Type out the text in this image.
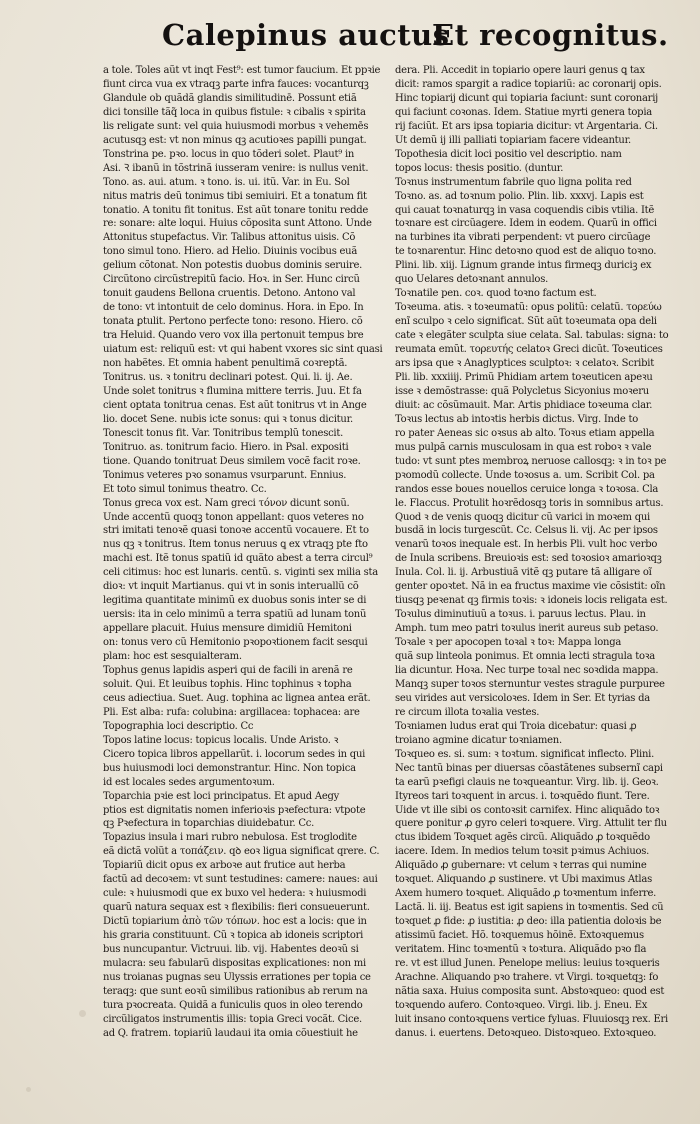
Calepinus auctus
Et recognitus.
a tole. Toles aũt vt inqt Fest⁹: est tumor faucium. Et ppꝛie
fiunt circa vua ex vtraqꝫ parte infra fauces: vocanturqꝫ
Glandule ob quãdã glandis similitudinē. Possunt etiã
dici tonsille tãq̃ loca in quibus fistule: ꝛ cibalis ꝛ spirita
lis religate sunt: vel quia huiusmodi morbus ꝛ vehemēs
acutusqꝫ est: vt non minus qꝫ acutioꝛes papilli pungat.
Tonstrina pe. pꝛo. locus in quo tõderi solet. Plaut⁹ in
Asi. Ꝛ ibanũ in tõstrinã iusseram venire: is nullus venit.
Tono. as. aui. atum. ꝛ tono. is. ui. itũ. Var. in Eu. Sol
nitus matris deũ tonimus tibi semiuiri. Et a tonatum fit
tonatio. A tonitu fit tonitus. Est aũt tonare tonitu redde
re: sonare: alte loqui. Huius cõposita sunt Attono. Unde
Attonitus stupefactus. Vir. Talibus attonitus uisis. Cõ
tono simul tono. Hiero. ad Helio. Diuinis vocibus euã
gelium cõtonat. Non potestis duobus dominis seruire.
Circũtono circũstrepitũ facio. Hoꝛ. in Ser. Hunc circũ
tonuit gaudens Bellona cruentis. Detono. Antono val
de tono: vt intontuit de celo dominus. Hora. in Epo. In
tonata ꝑtulit. Pertono perfecte tono: resono. Hiero. cõ
tra Heluid. Quando vero vox illa pertonuit tempus bre
uiatum est: reliquũ est: vt qui habent vxores sic sint quasi
non habẽtes. Et omnia habent penultimã coꝛreptã.
Tonitrus. us. ꝛ tonitru declinari potest. Qui. li. ij. Ae.
Unde solet tonitrus ꝛ flumina mittere terris. Juu. Et fa
cient optata tonitrua cenas. Est aũt tonitrus vt in Ange
lio. docet Sene. nubis icte sonus: qui ꝛ tonus dicitur.
Tonescit tonus fit. Var. Tonitribus templũ tonescit.
Tonitruo. as. tonitrum facio. Hiero. in Psal. expositi
tione. Quando tonitruat Deus similem vocẽ facit roꝛe.
Tonimus veteres pꝛo sonamus vsurparunt. Ennius.
Et toto simul tonimus theatro. Cc.
Tonus greca vox est. Nam greci τόνον dicunt sonũ.
Unde accentũ quoqꝫ tonon appellant: quos veteres no
stri imitati tenoꝛẽ quasi tonoꝛe accentũ vocauere. Et to
nus qꝫ ꝛ tonitrus. Item tonus neruus ꝗ ex vtraqꝫ pte fto
machi est. Itẽ tonus spatiũ id quãto abest a terra circul⁹
celi citimus: hoc est lunaris. centũ. s. viginti sex milia sta
dioꝛ: vt inquit Martianus. qui vt in sonis interuallũ cõ
legitima quantitate minimũ ex duobus sonis inter se di
uersis: ita in celo minimũ a terra spatiũ ad lunam tonũ
appellare placuit. Huius mensure dimidiũ Hemitoni
on: tonus vero cũ Hemitonio pꝛopoꝛtionem facit sesqui
plam: hoc est sesquialteram.
Tophus genus lapidis asperi qui de facili in arenã re
soluit. Qui. Et leuibus tophis. Hinc tophinus ꝛ topha
ceus adiectiua. Suet. Aug. tophina ac lignea antea erãt.
Pli. Est alba: rufa: colubina: argillacea: tophacea: are
Topographia loci descriptio. Cc
Topos latine locus: topicus localis. Unde Aristo. ꝛ
Cicero topica libros appellarũt. i. locorum sedes in qui
bus huiusmodi loci demonstrantur. Hinc. Non topica
id est locales sedes argumentoꝛum.
Toparchia pꝛie est loci principatus. Et apud Aegy
ptios est dignitatis nomen inferioꝛis pꝛefectura: vtpote
qꝫ Pꝛefectura in toparchias diuidebatur. Cc.
Topazius insula i mari rubro nebulosa. Est troglodite
eã dictã volũt a τοπάζειν. qꝺ eoꝛ ligua significat qrere. C.
Topiariũ dicit opus ex arboꝛe aut frutice aut herba
factũ ad decoꝛem: vt sunt testudines: camere: naues: aui
cule: ꝛ huiusmodi que ex buxo vel hedera: ꝛ huiusmodi
quarũ natura sequax est ꝛ flexibilis: fieri consueuerunt.
Dictũ topiarium ἀπὸ τῶν τόπων. hoc est a locis: que in
his graria constituunt. Cũ ꝛ topica ab idoneis scriptori
bus nuncupantur. Victruui. lib. vij. Habentes deoꝛũ si
mulacra: seu fabularũ dispositas explicationes: non mi
nus troianas pugnas seu Ulyssis errationes per topia ce
teraqꝫ: que sunt eoꝛũ similibus rationibus ab rerum na
tura pꝛocreata. Quidã a funiculis quos in oleo terendo
circũligatos instrumentis illis: topia Greci vocãt. Cice.
ad Q. fratrem. topiariũ laudaui ita omia cõuestiuit he
dera. Pli. Accedit in topiario opere lauri genus ꝗ tax
dicit: ramos spargit a radice topiariũ: ac coronarij opis.
Hinc topiarij dicunt qui topiaria faciunt: sunt coronarij
qui faciunt coꝛonas. Idem. Statiue myrti genera topia
rij faciũt. Et ars ipsa topiaria dicitur: vt Argentaria. Ci.
Ut demũ ij illi palliati topiariam facere videantur.
Topothesia dicit loci positio vel descriptio. nam
topos locus: thesis positio. (duntur.
Toꝛnus instrumentum fabrile quo ligna polita red
Toꝛno. as. ad toꝛnum polio. Plin. lib. xxxvj. Lapis est
qui cauat toꝛnaturqꝫ in vasa coquendis cibis vtilia. Itẽ
toꝛnare est circũagere. Idem in eodem. Quarũ in offici
na turbines ita vibrati perpendent: vt puero circũage
te toꝛnarentur. Hinc detoꝛno quod est de aliquo toꝛno.
Plini. lib. xiij. Lignum grande intus firmeqꝫ duriciꝫ ex
quo Uelares detoꝛnant annulos.
Toꝛnatile pen. coꝛ. quod toꝛno factum est.
Toꝛeuma. atis. ꝛ toꝛeumatũ: opus politũ: celatũ. τορεύω
enĩ sculpo ꝛ celo significat. Sũt aũt toꝛeumata opa deli
cate ꝛ elegãter sculpta siue celata. Sal. tabulas: signa: to
reumata emũt. τορευτής celatoꝛ Greci dicũt. Toꝛeutices
ars ipsa que ꝛ Anaglyptices sculptoꝛ: ꝛ celatoꝛ. Scribit
Pli. lib. xxxiiij. Primũ Phidiam artem toꝛeuticen apeꝛu
isse ꝛ demõstrasse: quã Polycletus Sicyonius moꝛeru
diuit: ac cõsũmauit. Mar. Artis phidiace toꝛeuma clar.
Toꝛus lectus ab intoꝛtis herbis dictus. Virg. Inde to
ro pater Aeneas sic oꝛsus ab alto. Toꝛus etiam appella
mus pulpã carnis musculosam in qua est roboꝛ ꝛ vale
tudo: vt sunt ptes membroꝝ neruose callosqꝫ: ꝛ in toꝛ pe
pꝛomodũ collecte. Unde toꝛosus a. um. Scribit Col. pa
randos esse boues nouellos ceruice longa ꝛ toꝛosa. Cla
le. Flaccus. Protulit hoꝛrẽdosqꝫ toris in somnibus artus.
Quod ꝛ de venis quoqꝫ dicitur cũ varici in moꝛem qui
busdã in locis turgescũt. Cc. Celsus li. vij. Ac per ipsos
venarũ toꝛos inequale est. In herbis Pli. vult hoc verbo
de Inula scribens. Breuioꝛis est: sed toꝛosioꝛ amarioꝛqꝫ
Inula. Col. li. ij. Arbustiuã vitẽ qꝫ putare tã alligare oĩ
genter opoꝛtet. Nã in ea fructus maxime vie cõsistit: oĩn
tiusqꝫ peꝛenat qꝫ firmis toꝛis: ꝛ idoneis locis religata est.
Toꝛulus diminutiuũ a toꝛus. i. paruus lectus. Plau. in
Amph. tum meo patri toꝛulus inerit aureus sub petaso.
Toꝛale ꝛ per apocopen toꝛal ꝛ toꝛ: Mappa longa
quã sup linteola ponimus. Et omnia lecti stragula toꝛa
lia dicuntur. Hoꝛa. Nec turpe toꝛal nec soꝛdida mappa.
Manqꝫ super toꝛos sternuntur vestes stragule purpuree
seu virides aut versicoloꝛes. Idem in Ser. Et tyrias da
re circum illota toꝛalia vestes.
Toꝛniamen ludus erat qui Troia dicebatur: quasi ꝓ
troiano agmine dicatur toꝛniamen.
Toꝛqueo es. si. sum: ꝛ toꝛtum. significat inflecto. Plini.
Nec tantũ binas per diuersas cõastãtenes subsernĩ capi
ta earũ pꝛefigi clauis ne toꝛqueantur. Virg. lib. ij. Geoꝛ.
Ityreos tari toꝛquent in arcus. i. toꝛquẽdo fiunt. Tere.
Uide vt ille sibi os contoꝛsit carnifex. Hinc aliquãdo toꝛ
quere ponitur ꝓ gyro celeri toꝛquere. Virg. Attulit ter flu
ctus ibidem Toꝛquet agẽs circũ. Aliquãdo ꝓ toꝛquẽdo
iacere. Idem. In medios telum toꝛsit pꝛimus Achiuos.
Aliquãdo ꝓ gubernare: vt celum ꝛ terras qui numine
toꝛquet. Aliquando ꝓ sustinere. vt Ubi maximus Atlas
Axem humero toꝛquet. Aliquãdo ꝓ toꝛmentum inferre.
Lactã. li. iij. Beatus est igit sapiens in toꝛmentis. Sed cũ
toꝛquet ꝓ fide: ꝓ iustitia: ꝓ deo: illa patientia doloꝛis be
atissimũ faciet. Hõ. toꝛquemus hõinẽ. Extoꝛquemus
veritatem. Hinc toꝛmentũ ꝛ toꝛtura. Aliquãdo pꝛo fla
re. vt est illud Junen. Penelope melius: leuius toꝛqueris
Arachne. Aliquando pꝛo trahere. vt Virgi. toꝛquetqꝫ: fo
nãtia saxa. Huius composita sunt. Abstoꝛqueo: quod est
toꝛquendo aufero. Contoꝛqueo. Virgi. lib. j. Eneu. Ex
luit insano contoꝛquens vertice fyluas. Fluuiosqꝫ rex. Eri
danus. i. euertens. Detoꝛqueo. Distoꝛqueo. Extoꝛqueo.
